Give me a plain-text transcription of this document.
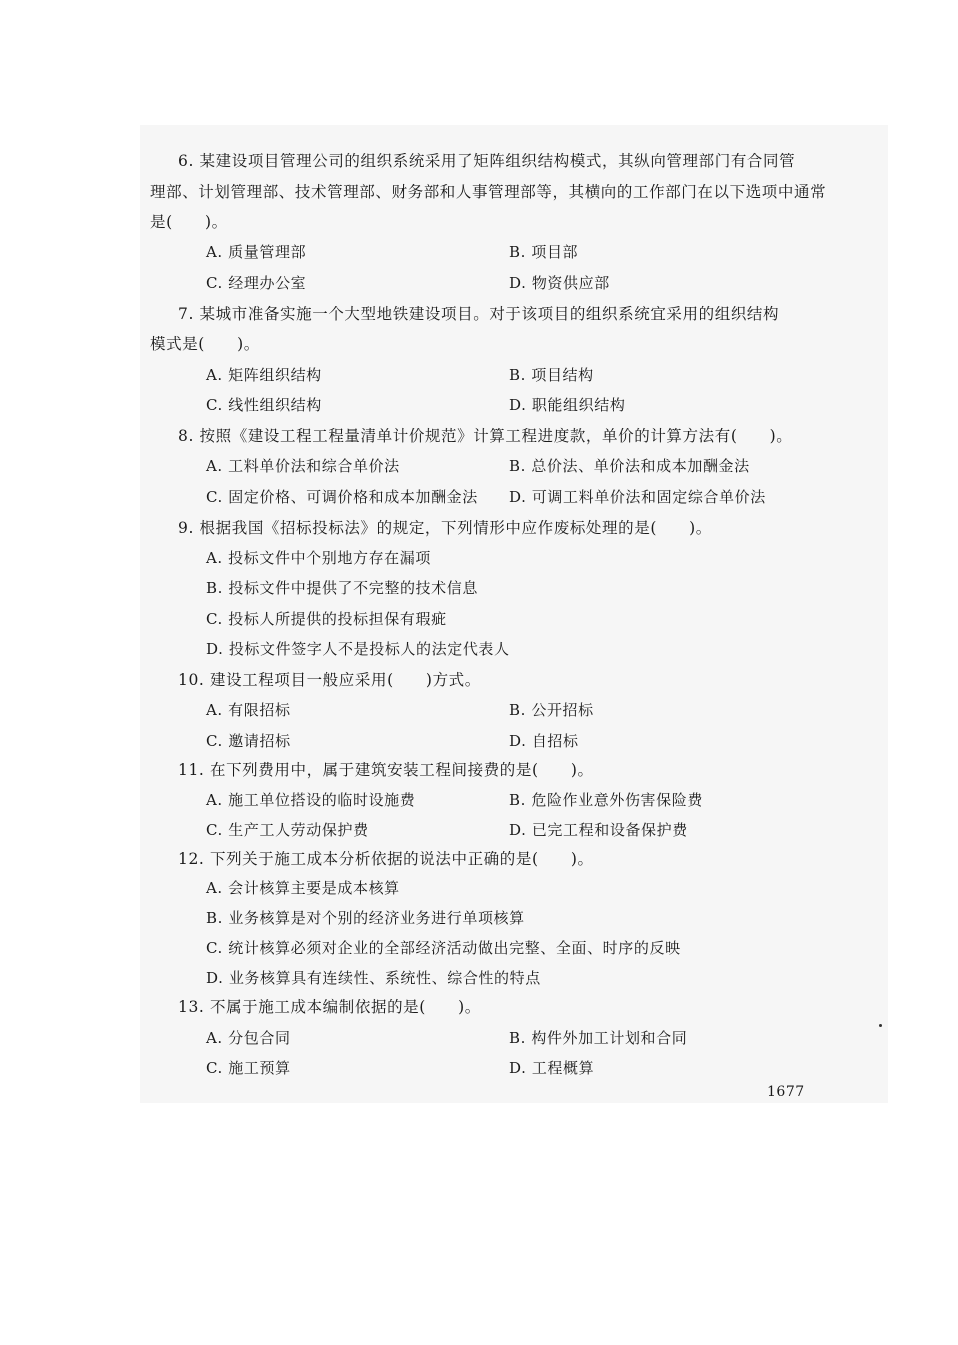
6. 某建设项目管理公司的组织系统采用了矩阵组织结构模式，其纵向管理部门有合同管
理部、计划管理部、技术管理部、财务部和人事管理部等，其横向的工作部门在以下选项中通常
是(　　)。
A. 质量管理部	B. 项目部
C. 经理办公室	D. 物资供应部
7. 某城市准备实施一个大型地铁建设项目。对于该项目的组织系统宜采用的组织结构
模式是(　　)。
A. 矩阵组织结构	B. 项目结构
C. 线性组织结构	D. 职能组织结构
8. 按照《建设工程工程量清单计价规范》计算工程进度款，单价的计算方法有(　　)。
A. 工料单价法和综合单价法	B. 总价法、单价法和成本加酬金法
C. 固定价格、可调价格和成本加酬金法 D. 可调工料单价法和固定综合单价法
9. 根据我国《招标投标法》的规定，下列情形中应作废标处理的是(　　)。
A. 投标文件中个别地方存在漏项
B. 投标文件中提供了不完整的技术信息
C. 投标人所提供的投标担保有瑕疵
D. 投标文件签字人不是投标人的法定代表人
10. 建设工程项目一般应采用(　　)方式。
A. 有限招标	B. 公开招标
C. 邀请招标	D. 自招标
11. 在下列费用中，属于建筑安装工程间接费的是(　　)。
A. 施工单位搭设的临时设施费	B. 危险作业意外伤害保险费
C. 生产工人劳动保护费	D. 已完工程和设备保护费
12. 下列关于施工成本分析依据的说法中正确的是(　　)。
A. 会计核算主要是成本核算
B. 业务核算是对个别的经济业务进行单项核算
C. 统计核算必须对企业的全部经济活动做出完整、全面、时序的反映
D. 业务核算具有连续性、系统性、综合性的特点
13. 不属于施工成本编制依据的是(　　)。
A. 分包合同	B. 构件外加工计划和合同
C. 施工预算	D. 工程概算
1677
